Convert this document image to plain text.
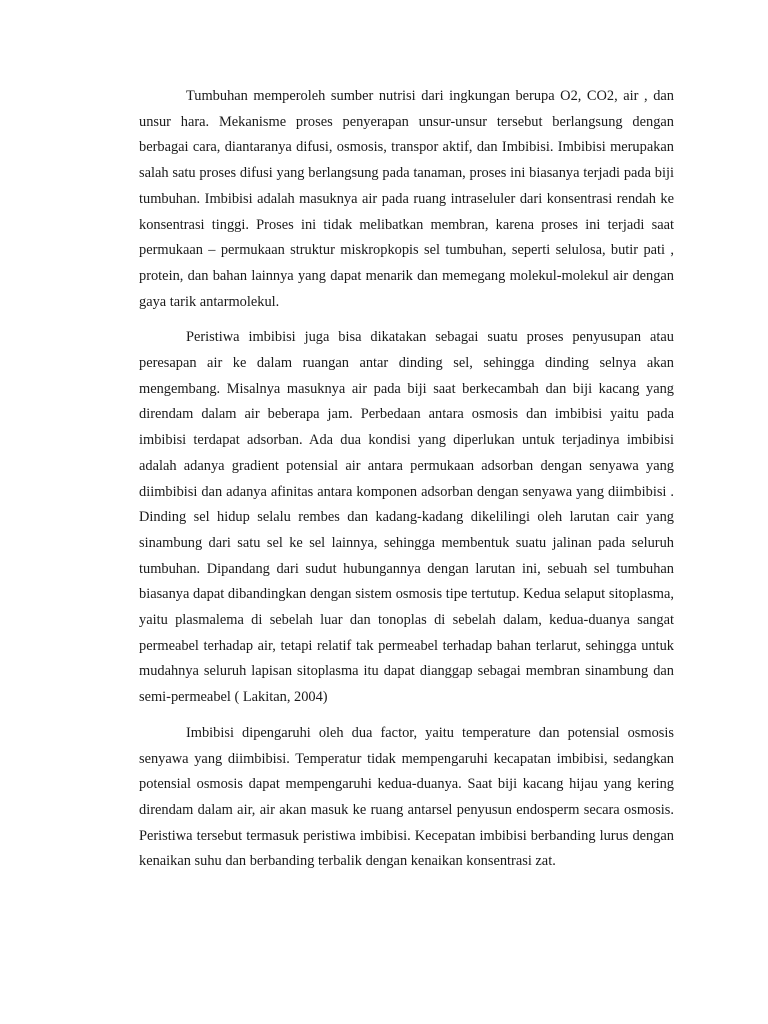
Tumbuhan memperoleh sumber nutrisi dari ingkungan berupa O2, CO2, air , dan unsur hara. Mekanisme proses penyerapan unsur-unsur tersebut berlangsung dengan berbagai cara, diantaranya difusi, osmosis, transpor aktif, dan Imbibisi. Imbibisi merupakan salah satu proses difusi yang berlangsung pada tanaman, proses ini biasanya terjadi pada biji tumbuhan. Imbibisi adalah masuknya air pada ruang intraseluler dari konsentrasi rendah ke konsentrasi tinggi. Proses ini tidak melibatkan membran, karena proses ini terjadi saat permukaan – permukaan struktur miskropkopis sel tumbuhan, seperti selulosa, butir pati , protein, dan bahan lainnya yang dapat menarik dan memegang molekul-molekul air dengan gaya tarik antarmolekul.

Peristiwa imbibisi juga bisa dikatakan sebagai suatu proses penyusupan atau peresapan air ke dalam ruangan antar dinding sel, sehingga dinding selnya akan mengembang. Misalnya masuknya air pada biji saat berkecambah dan biji kacang yang direndam dalam air beberapa jam. Perbedaan antara osmosis dan imbibisi yaitu pada imbibisi terdapat adsorban. Ada dua kondisi yang diperlukan untuk terjadinya imbibisi adalah adanya gradient potensial air antara permukaan adsorban dengan senyawa yang diimbibisi dan adanya afinitas antara komponen adsorban dengan senyawa yang diimbibisi . Dinding sel hidup selalu rembes dan kadang-kadang dikelilingi oleh larutan cair yang sinambung dari satu sel ke sel lainnya, sehingga membentuk suatu jalinan pada seluruh tumbuhan. Dipandang dari sudut hubungannya dengan larutan ini, sebuah sel tumbuhan biasanya dapat dibandingkan dengan sistem osmosis tipe tertutup. Kedua selaput sitoplasma, yaitu plasmalema di sebelah luar dan tonoplas di sebelah dalam, kedua-duanya sangat permeabel terhadap air, tetapi relatif tak permeabel terhadap bahan terlarut, sehingga untuk mudahnya seluruh lapisan sitoplasma itu dapat dianggap sebagai membran sinambung dan semi-permeabel ( Lakitan, 2004)

Imbibisi dipengaruhi oleh dua factor, yaitu temperature dan potensial osmosis senyawa yang diimbibisi. Temperatur tidak mempengaruhi kecapatan imbibisi, sedangkan potensial osmosis dapat mempengaruhi kedua-duanya. Saat biji kacang hijau yang kering direndam dalam air, air akan masuk ke ruang antarsel penyusun endosperm secara osmosis. Peristiwa tersebut termasuk peristiwa imbibisi. Kecepatan imbibisi berbanding lurus dengan kenaikan suhu dan berbanding terbalik dengan kenaikan konsentrasi zat.
